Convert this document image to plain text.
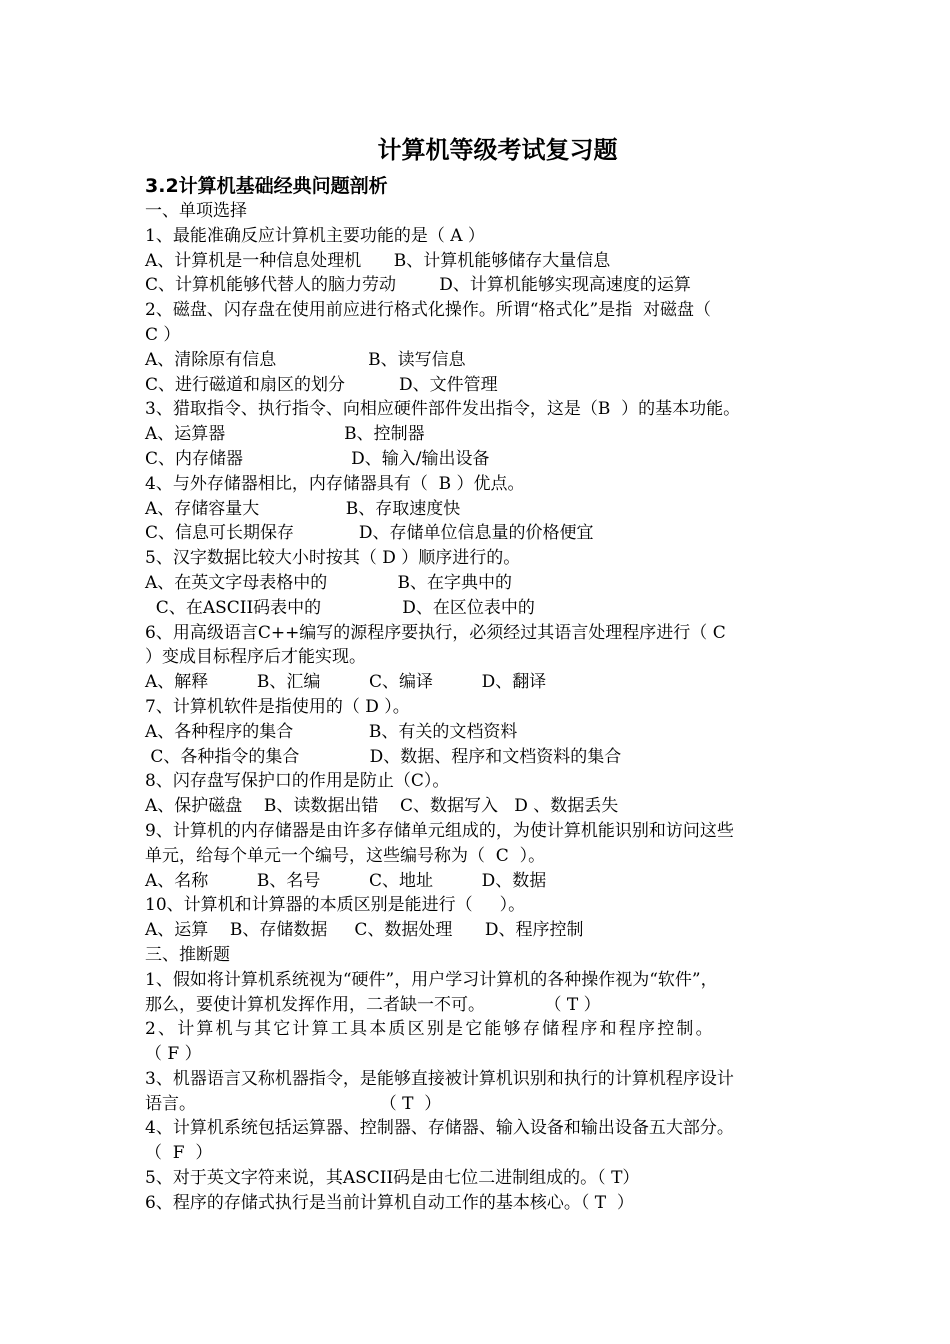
计算机等级考试复习题
3.2计算机基础经典问题剖析
一、单项选择
1、最能准确反应计算机主要功能的是（ A ）
A、计算机是一种信息处理机      B、计算机能够储存大量信息
C、计算机能够代替人的脑力劳动        D、计算机能够实现高速度的运算
2、磁盘、闪存盘在使用前应进行格式化操作。所谓“格式化”是指  对磁盘（
C ）
A、清除原有信息                 B、读写信息
C、进行磁道和扇区的划分          D、文件管理
3、猎取指令、执行指令、向相应硬件部件发出指令，这是（B  ）的基本功能。
A、运算器                      B、控制器
C、内存储器                    D、输入/输出设备
4、与外存储器相比，内存储器具有（  B ）优点。
A、存储容量大                B、存取速度快
C、信息可长期保存            D、存储单位信息量的价格便宜
5、汉字数据比较大小时按其（ D ）顺序进行的。
A、在英文字母表格中的             B、在字典中的
C、在ASCII码表中的               D、在区位表中的
6、用高级语言C++编写的源程序要执行，必须经过其语言处理程序进行（ C
）变成目标程序后才能实现。
A、解释         B、汇编         C、编译         D、翻译
7、计算机软件是指使用的（ D ）。
A、各种程序的集合              B、有关的文档资料
C、各种指令的集合             D、数据、程序和文档资料的集合
8、闪存盘写保护口的作用是防止（C）。
A、保护磁盘    B、读数据出错    C、数据写入   D 、数据丢失
9、计算机的内存储器是由许多存储单元组成的，为使计算机能识别和访问这些
单元，给每个单元一个编号，这些编号称为（  C  ）。
A、名称         B、名号         C、地址         D、数据
10、计算机和计算器的本质区别是能进行（     ）。
A、运算    B、存储数据     C、数据处理      D、程序控制
三、推断题
1、假如将计算机系统视为“硬件”，用户学习计算机的各种操作视为“软件”，
那么，要使计算机发挥作用，二者缺一不可。           （ T ）
2、计算机与其它计算工具本质区别是它能够存储程序和程序控制。
（ F ）
3、机器语言又称机器指令，是能够直接被计算机识别和执行的计算机程序设计
语言。                                  （ T  ）
4、计算机系统包括运算器、控制器、存储器、输入设备和输出设备五大部分。
（  F  ）
5、对于英文字符来说，其ASCII码是由七位二进制组成的。（ T）
6、程序的存储式执行是当前计算机自动工作的基本核心。（ T  ）
